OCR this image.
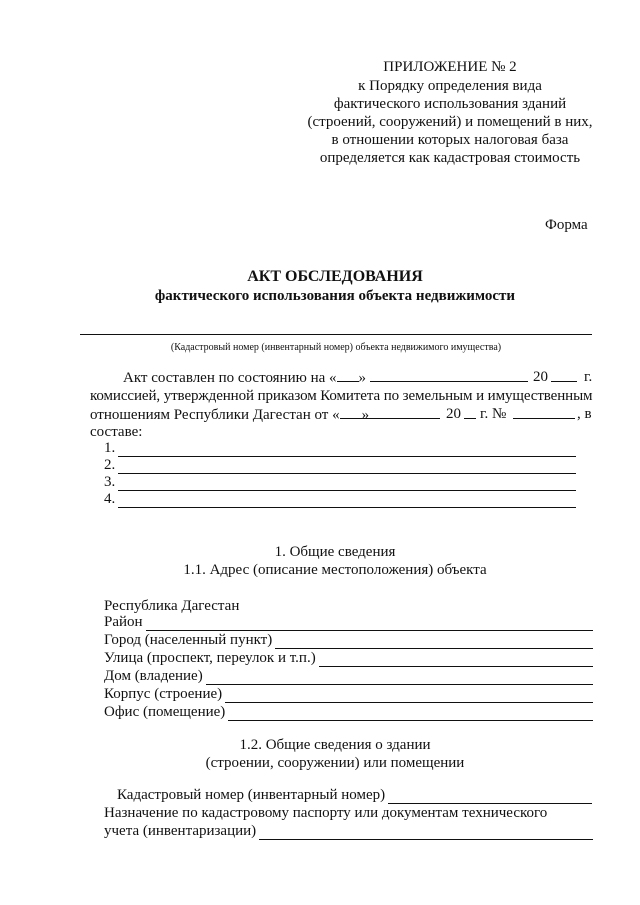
ПРИЛОЖЕНИЕ № 2
к Порядку определения вида
фактического использования зданий
(строений, сооружений) и помещений в них,
в отношении которых налоговая база
определяется как кадастровая стоимость
Форма
АКТ ОБСЛЕДОВАНИЯ
фактического использования объекта недвижимости
(Кадастровый номер (инвентарный номер) объекта недвижимого имущества)
Акт составлен по состоянию на « »	20 г.
комиссией, утвержденной приказом Комитета по земельным и имущественным
отношениям Республики Дагестан от « »	20 г. №	, в
составе:
1.
2.
3.
4.
1. Общие сведения
1.1. Адрес (описание местоположения) объекта
Республика Дагестан
Район
Город (населенный пункт)
Улица (проспект, переулок и т.п.)
Дом (владение)
Корпус (строение)
Офис (помещение)
1.2. Общие сведения о здании
(строении, сооружении) или помещении
Кадастровый номер (инвентарный номер)
Назначение по кадастровому паспорту или документам технического
учета (инвентаризации)
